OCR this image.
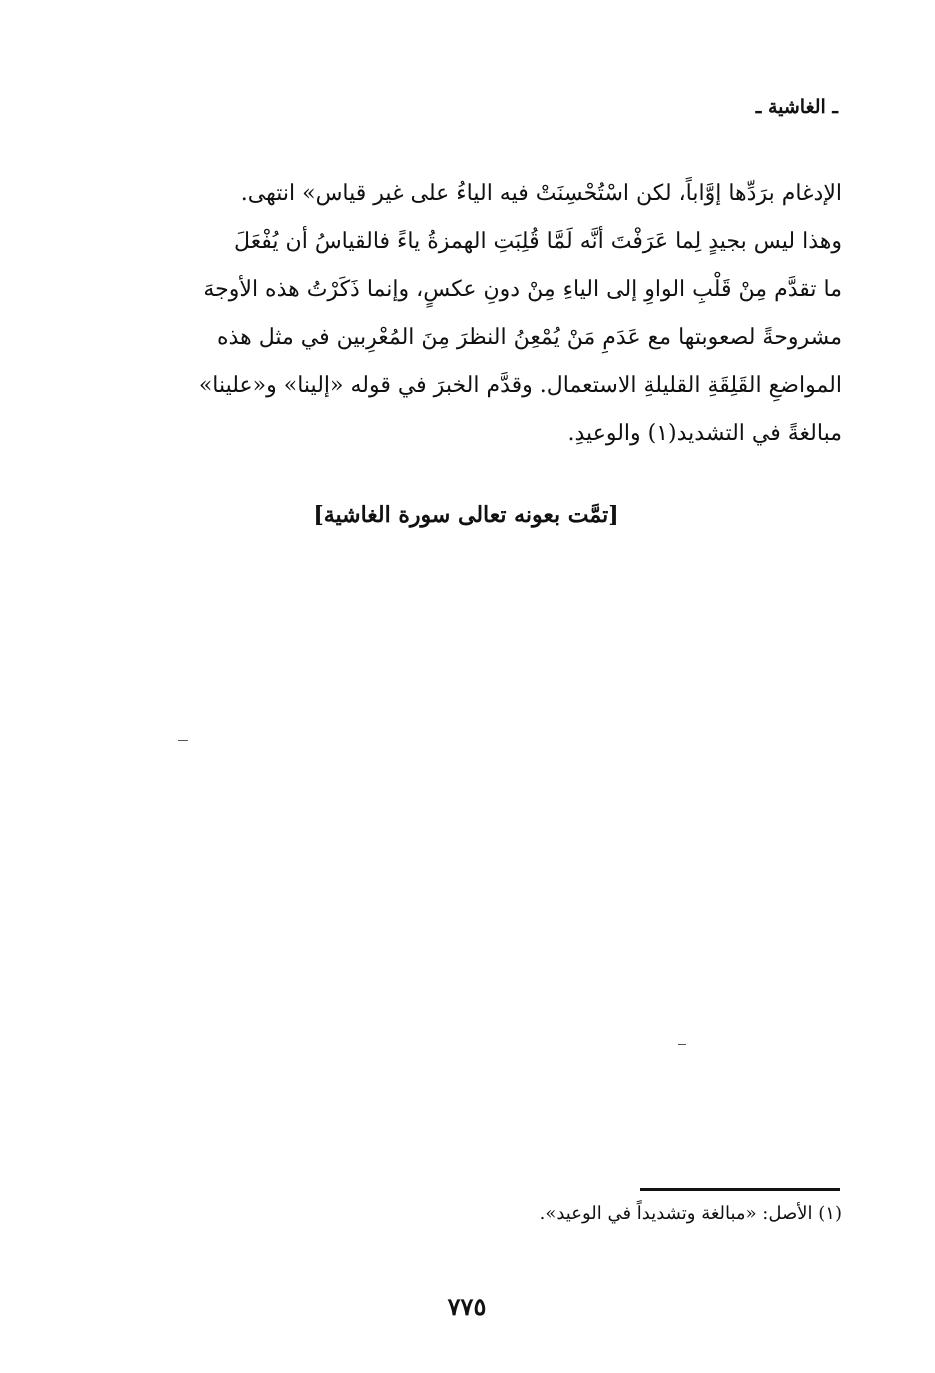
ـ الغاشية ـ
الإدغام برَدِّها إوَّاباً، لكن اسْتُحْسِنَتْ فيه الياءُ على غير قياس» انتهى.
وهذا ليس بجيدٍ لِما عَرَفْتَ أنَّه لَمَّا قُلِبَتِ الهمزةُ ياءً فالقياسُ أن يُفْعَلَ
ما تقدَّم مِنْ قَلْبِ الواوِ إلى الياءِ مِنْ دونِ عكسٍ، وإنما ذَكَرْتُ هذه الأوجهَ
مشروحةً لصعوبتها مع عَدَمِ مَنْ يُمْعِنُ النظرَ مِنَ المُعْرِبين في مثل هذه
المواضعِ القَلِقَةِ القليلةِ الاستعمال. وقدَّم الخبرَ في قوله «إلينا» و«علينا»
مبالغةً في التشديد(١) والوعيدِ.
[تمَّت بعونه تعالى سورة الغاشية]
(١) الأصل: «مبالغة وتشديداً في الوعيد».
٧٧٥
